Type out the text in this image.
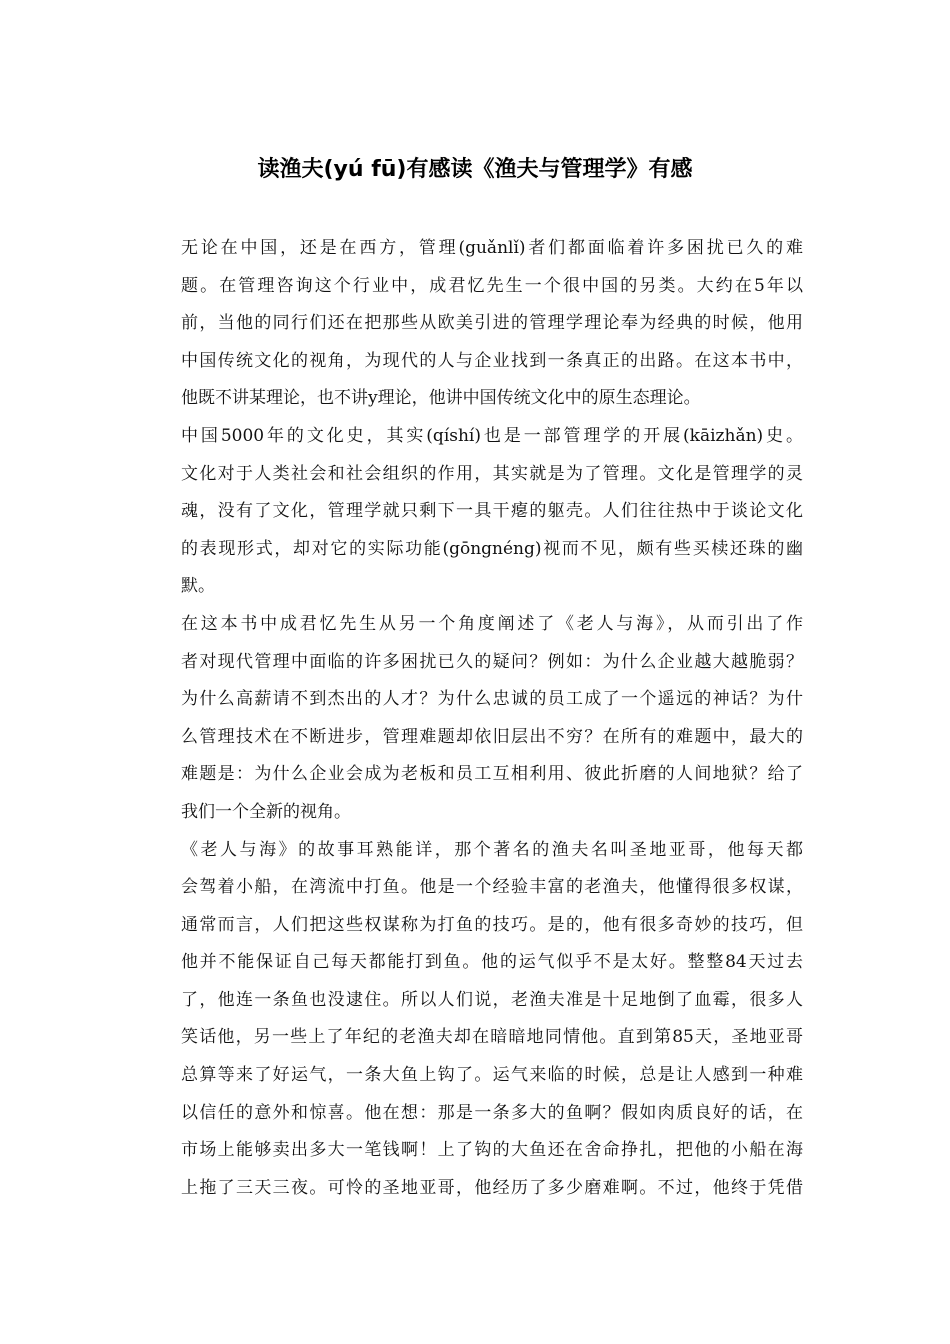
读渔夫(yú fū)有感读《渔夫与管理学》有感

无论在中国，还是在西方，管理(guǎnlǐ)者们都面临着许多困扰已久的难
题。在管理咨询这个行业中，成君忆先生一个很中国的另类。大约在5年以
前，当他的同行们还在把那些从欧美引进的管理学理论奉为经典的时候，他用
中国传统文化的视角，为现代的人与企业找到一条真正的出路。在这本书中，
他既不讲某理论，也不讲y理论，他讲中国传统文化中的原生态理论。

中国5000年的文化史，其实(qíshí)也是一部管理学的开展(kāizhǎn)史。
文化对于人类社会和社会组织的作用，其实就是为了管理。文化是管理学的灵
魂，没有了文化，管理学就只剩下一具干瘪的躯壳。人们往往热中于谈论文化
的表现形式，却对它的实际功能(gōngnéng)视而不见，颇有些买椟还珠的幽
默。

在这本书中成君忆先生从另一个角度阐述了《老人与海》，从而引出了作
者对现代管理中面临的许多困扰已久的疑问？例如：为什么企业越大越脆弱？
为什么高薪请不到杰出的人才？为什么忠诚的员工成了一个遥远的神话？为什
么管理技术在不断进步，管理难题却依旧层出不穷？在所有的难题中，最大的
难题是：为什么企业会成为老板和员工互相利用、彼此折磨的人间地狱？给了
我们一个全新的视角。

《老人与海》的故事耳熟能详，那个著名的渔夫名叫圣地亚哥，他每天都
会驾着小船，在湾流中打鱼。他是一个经验丰富的老渔夫，他懂得很多权谋，
通常而言，人们把这些权谋称为打鱼的技巧。是的，他有很多奇妙的技巧，但
他并不能保证自己每天都能打到鱼。他的运气似乎不是太好。整整84天过去
了，他连一条鱼也没逮住。所以人们说，老渔夫准是十足地倒了血霉，很多人
笑话他，另一些上了年纪的老渔夫却在暗暗地同情他。直到第85天，圣地亚哥
总算等来了好运气，一条大鱼上钩了。运气来临的时候，总是让人感到一种难
以信任的意外和惊喜。他在想：那是一条多大的鱼啊？假如肉质良好的话，在
市场上能够卖出多大一笔钱啊！上了钩的大鱼还在舍命挣扎，把他的小船在海
上拖了三天三夜。可怜的圣地亚哥，他经历了多少磨难啊。不过，他终于凭借
